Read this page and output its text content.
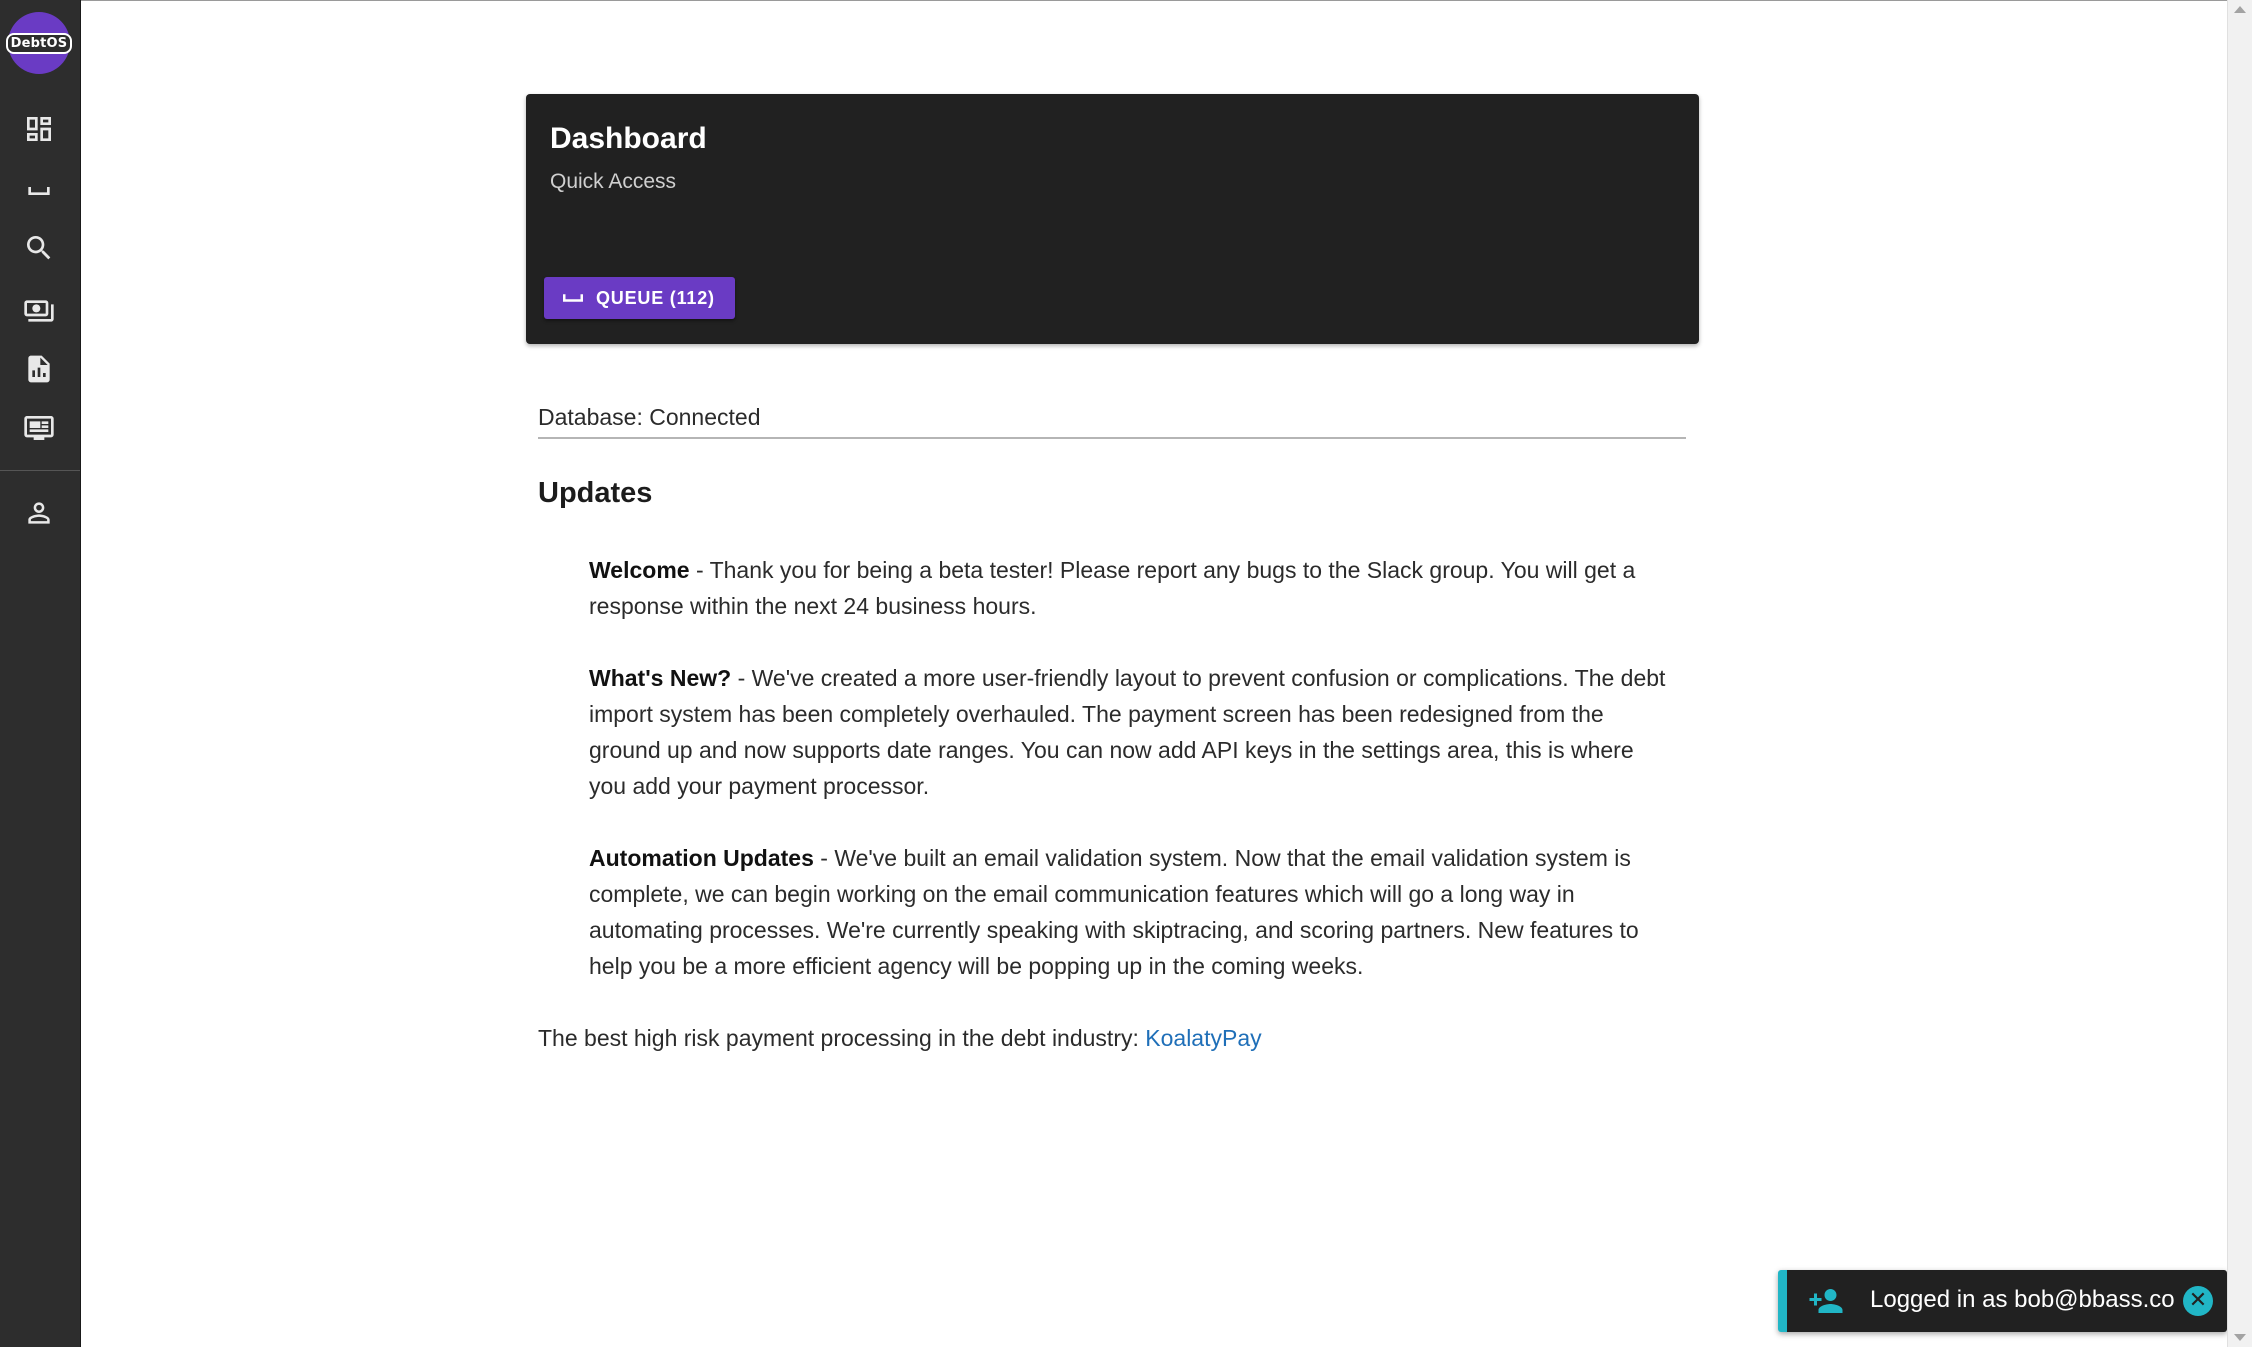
DebtOS
Dashboard
Quick Access
QUEUE (112)
Database: Connected
Updates
Welcome - Thank you for being a beta tester! Please report any bugs to the Slack group. You will get a response within the next 24 business hours.
What's New? - We've created a more user-friendly layout to prevent confusion or complications. The debt import system has been completely overhauled. The payment screen has been redesigned from the ground up and now supports date ranges. You can now add API keys in the settings area, this is where you add your payment processor.
Automation Updates - We've built an email validation system. Now that the email validation system is complete, we can begin working on the email communication features which will go a long way in automating processes. We're currently speaking with skiptracing, and scoring partners. New features to help you be a more efficient agency will be popping up in the coming weeks.
The best high risk payment processing in the debt industry: KoalatyPay
Logged in as bob@bbass.co ✕
